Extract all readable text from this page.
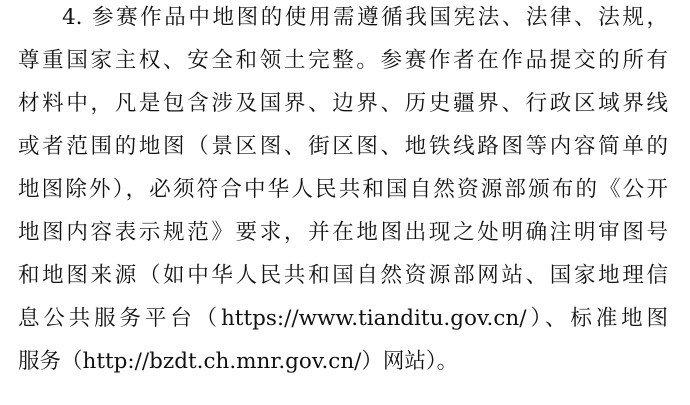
4. 参赛作品中地图的使用需遵循我国宪法、法律、法规，
尊重国家主权、安全和领土完整。参赛作者在作品提交的所有
材料中，凡是包含涉及国界、边界、历史疆界、行政区域界线
或者范围的地图（景区图、街区图、地铁线路图等内容简单的
地图除外），必须符合中华人民共和国自然资源部颁布的《公开
地图内容表示规范》要求，并在地图出现之处明确注明审图号
和地图来源（如中华人民共和国自然资源部网站、国家地理信
息公共服务平台（https://www.tianditu.gov.cn/）、标准地图
服务（http://bzdt.ch.mnr.gov.cn/）网站）。
